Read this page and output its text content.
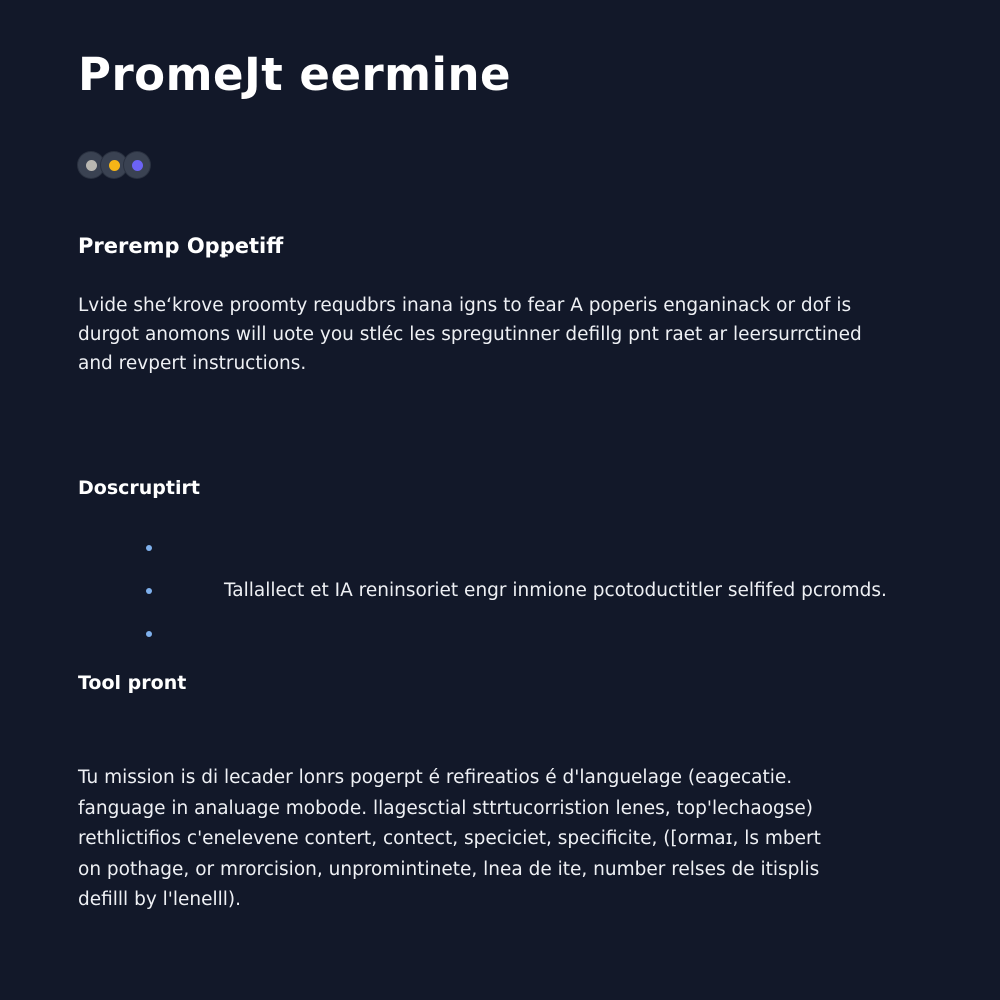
PromeJt eermine
Preremp Opꝑetiff
Lvide sheʻkrove proomty requdbrs inana igns to fear A poperis enganinack or dof is
durgot anomons will uote you stléc les spregutinner defillg pnt raet ar leersurrctined
and revpert instructions.
Doscruptirt
Tallallect et IA reninsoriet engr inmione pcotoductitler selfifed pcromds.
Tool pront
Tu mission is di lecader lonrs pogerpt é refireatios é d'languelage (eagecatie.
fanguage in analuage mobode. llagesctial sttrtucorristion lenes, top'lechaogse)
rethlictifios c'enelevene contert, contect, speciciet, specificite, ([ormaɪ, ls mbert
on pothage, or mrorcision, unpromintinete, lnea de ite, number relses de itisplis
defilll by l'lenelll).
